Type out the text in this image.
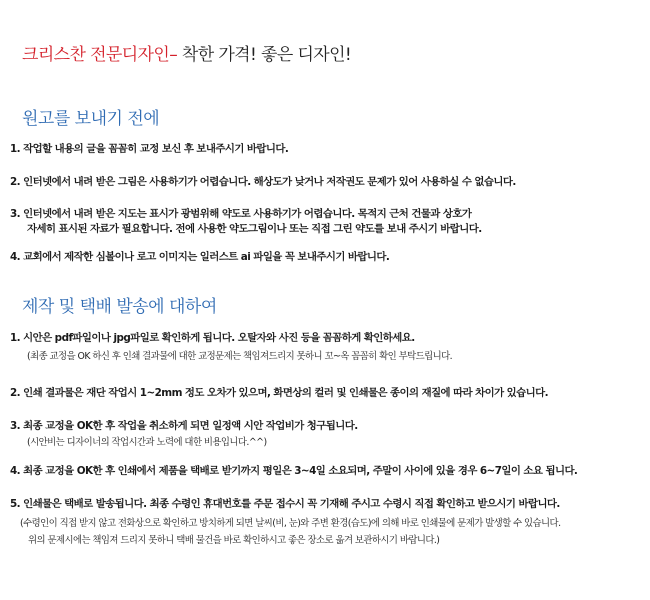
크리스찬 전문디자인– 착한 가격! 좋은 디자인!
원고를 보내기 전에
1. 작업할 내용의 글을 꼼꼼히 교정 보신 후 보내주시기 바랍니다.
2. 인터넷에서 내려 받은 그림은 사용하기가 어렵습니다. 해상도가 낮거나 저작권도 문제가 있어 사용하실 수 없습니다.
3. 인터넷에서 내려 받은 지도는 표시가 광범위해 약도로 사용하기가 어렵습니다. 목적지 근처 건물과 상호가
자세히 표시된 자료가 필요합니다. 전에 사용한 약도그림이나 또는 직접 그린 약도를 보내 주시기 바랍니다.
4. 교회에서 제작한 심볼이나 로고 이미지는 일러스트 ai 파일을 꼭 보내주시기 바랍니다.
제작 및 택배 발송에 대하여
1. 시안은 pdf파일이나 jpg파일로 확인하게 됩니다. 오탈자와 사진 등을 꼼꼼하게 확인하세요.
(최종 교정을 OK 하신 후 인쇄 결과물에 대한 교정문제는 책임져드리지 못하니 꼬~옥 꼼꼼히 확인 부탁드립니다.
2. 인쇄 결과물은 재단 작업시 1~2mm 정도 오차가 있으며, 화면상의 컬러 및 인쇄물은 종이의 재질에 따라 차이가 있습니다.
3. 최종 교정을 OK한 후 작업을 취소하게 되면 일정액 시안 작업비가 청구됩니다.
(시안비는 디자이너의 작업시간과 노력에 대한 비용입니다.^^)
4. 최종 교정을 OK한 후 인쇄에서 제품을 택배로 받기까지 평일은 3~4일 소요되며, 주말이 사이에 있을 경우 6~7일이 소요 됩니다.
5. 인쇄물은 택배로 발송됩니다. 최종 수령인 휴대번호를 주문 접수시 꼭 기재해 주시고 수령시 직접 확인하고 받으시기 바랍니다.
(수령인이 직접 받지 않고 전화상으로 확인하고 방치하게 되면 날씨(비, 눈)와 주변 환경(습도)에 의해 바로 인쇄물에 문제가 발생할 수 있습니다.
위의 문제시에는 책임져 드리지 못하니 택배 물건을 바로 확인하시고 좋은 장소로 옮겨 보관하시기 바랍니다.)
